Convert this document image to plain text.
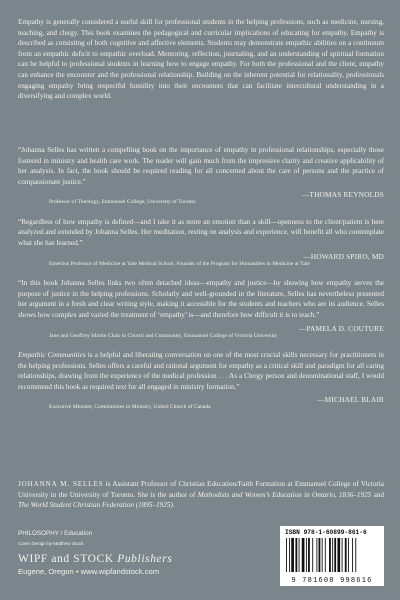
Empathy is generally considered a useful skill for professional students in the helping professions, such as medicine, nursing, teaching, and clergy. This book examines the pedagogical and curricular implications of educating for empathy. Empathy is described as consisting of both cognitive and affective elements. Students may demonstrate empathic abilities on a continuum from an empathic deficit to empathic overload. Mentoring, reflection, journaling, and an understanding of spiritual formation can be helpful to professional students in learning how to engage empathy. For both the professional and the client, empathy can enhance the encounter and the professional relationship. Building on the inherent potential for relationality, professionals engaging empathy bring respectful humility into their encounters that can facilitate intercultural understanding in a diversifying and complex world.

“Johanna Selles has written a compelling book on the importance of empathy in professional relationships, especially those fostered in ministry and health care work. The reader will gain much from the impressive clarity and creative applicability of her analysis. In fact, the book should be required reading for all concerned about the care of persons and the practice of compassionate justice.”

—THOMAS REYNOLDS

Professor of Theology, Emmanuel College, University of Toronto

“Regardless of how empathy is defined—and I take it as more an emotion than a skill—openness to the client/patient is here analyzed and extended by Johanna Selles. Her meditation, resting on analysis and experience, will benefit all who contemplate what she has learned.”

—HOWARD SPIRO, MD

Emeritus Professor of Medicine at Yale Medical School, Founder of the Program for Humanities in Medicine at Yale

“In this book Johanna Selles links two often detached ideas—empathy and justice—by showing how empathy serves the purpose of justice in the helping professions. Scholarly and well-grounded in the literature, Selles has nevertheless presented her argument in a fresh and clear writing style, making it accessible for the students and teachers who are its audience. Selles shows how complex and varied the treatment of ‘empathy’ is—and therefore how difficult it is to teach.”

—PAMELA D. COUTURE

Jane and Geoffrey Martin Chair in Church and Community, Emmanuel College of Victoria University

Empathic Communities is a helpful and liberating conversation on one of the most crucial skills necessary for practitioners in the helping professions. Selles offers a careful and rational argument for empathy as a critical skill and paradigm for all caring relationships, drawing from the experience of the medical profession . . . As a Clergy person and denominational staff, I would recommend this book as required text for all engaged in ministry formation.”

—MICHAEL BLAIR

Executive Minister, Communities in Ministry, United Church of Canada

JOHANNA M. SELLES is Assistant Professor of Christian Education/Faith Formation at Emmanuel College of Victoria University in the University of Toronto. She is the author of Methodists and Women’s Education in Ontario, 1836–1925 and The World Student Christian Federation (1895–1925).

PHILOSOPHY / Education

Cover Design by Matthew Stock

WIPF and STOCK Publishers

Eugene, Oregon • www.wipfandstock.com

ISBN 978-1-60899-861-6

9 781608 998616
